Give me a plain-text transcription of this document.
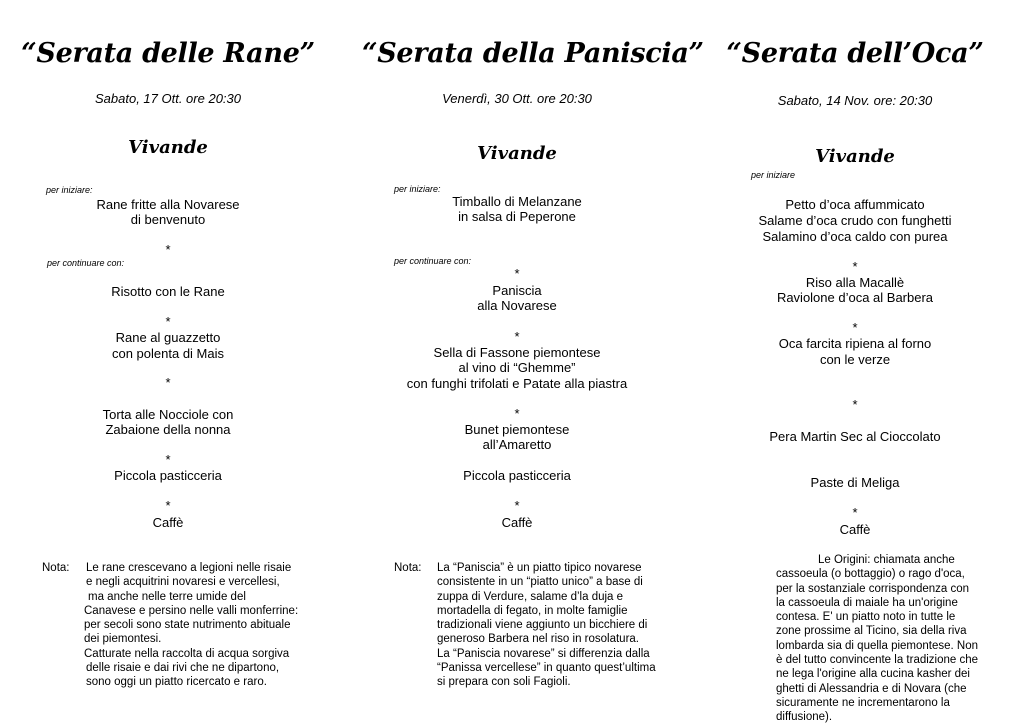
“Serata delle Rane”
Sabato, 17 Ott. ore 20:30
Vivande
per iniziare:
Rane fritte alla Novarese
di benvenuto
*
per continuare con:
Risotto con le Rane
*
Rane al guazzetto
con polenta di Mais
*
Torta alle Nocciole con
Zabaione della nonna
*
Piccola pasticceria
*
Caffè
Nota: Le rane crescevano a legioni nelle risaie
e negli acquitrini novaresi e vercellesi,
ma anche nelle terre umide del
Canavese e persino nelle valli monferrine:
per secoli sono state nutrimento abituale
dei piemontesi.
Catturate nella raccolta di acqua sorgiva
delle risaie e dai rivi che ne dipartono,
sono oggi un piatto ricercato e raro.
“Serata della Paniscia”
Venerdì, 30 Ott. ore 20:30
Vivande
per iniziare:
Timballo di Melanzane
in salsa di Peperone
per continuare con:
*
Paniscia
alla Novarese
*
Sella di Fassone piemontese
al vino di “Ghemme”
con funghi trifolati e Patate alla piastra
*
Bunet piemontese
all’Amaretto
Piccola pasticceria
*
Caffè
Nota: La “Paniscia” è un piatto tipico novarese
consistente in un “piatto unico” a base di
zuppa di Verdure, salame d’la duja e
mortadella di fegato, in molte famiglie
tradizionali viene aggiunto un bicchiere di
generoso Barbera nel riso in rosolatura.
La “Paniscia novarese” si differenzia dalla
“Panissa vercellese” in quanto quest’ultima
si prepara con soli Fagioli.
“Serata dell’Oca”
Sabato, 14 Nov. ore: 20:30
Vivande
per iniziare
Petto d’oca affummicato
Salame d’oca crudo con funghetti
Salamino d’oca caldo con purea
*
Riso alla Macallè
Raviolone d’oca al Barbera
*
Oca farcita ripiena al forno
con le verze
*
Pera Martin Sec al Cioccolato
Paste di Meliga
*
Caffè
Le Origini: chiamata anche
cassoeula (o bottaggio) o rago d'oca,
per la sostanziale corrispondenza con
la cassoeula di maiale ha un'origine
contesa. E' un piatto noto in tutte le
zone prossime al Ticino, sia della riva
lombarda sia di quella piemontese. Non
è del tutto convincente la tradizione che
ne lega l'origine alla cucina kasher dei
ghetti di Alessandria e di Novara (che
sicuramente ne incrementarono la
diffusione).
